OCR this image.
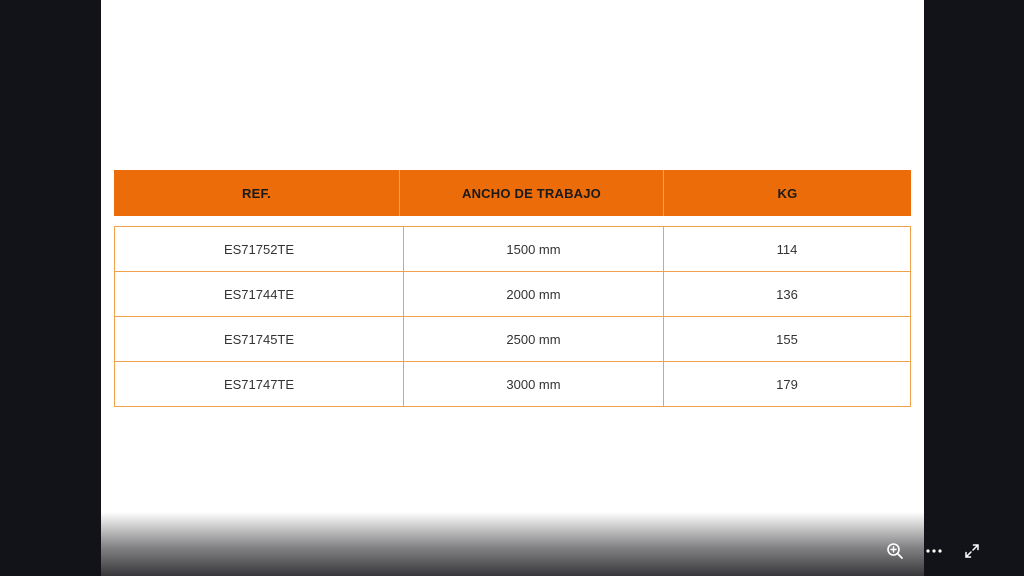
REF.	ANCHO DE TRABAJO	KG
ES71752TE	1500 mm	114
ES71744TE	2000 mm	136
ES71745TE	2500 mm	155
ES71747TE	3000 mm	179
